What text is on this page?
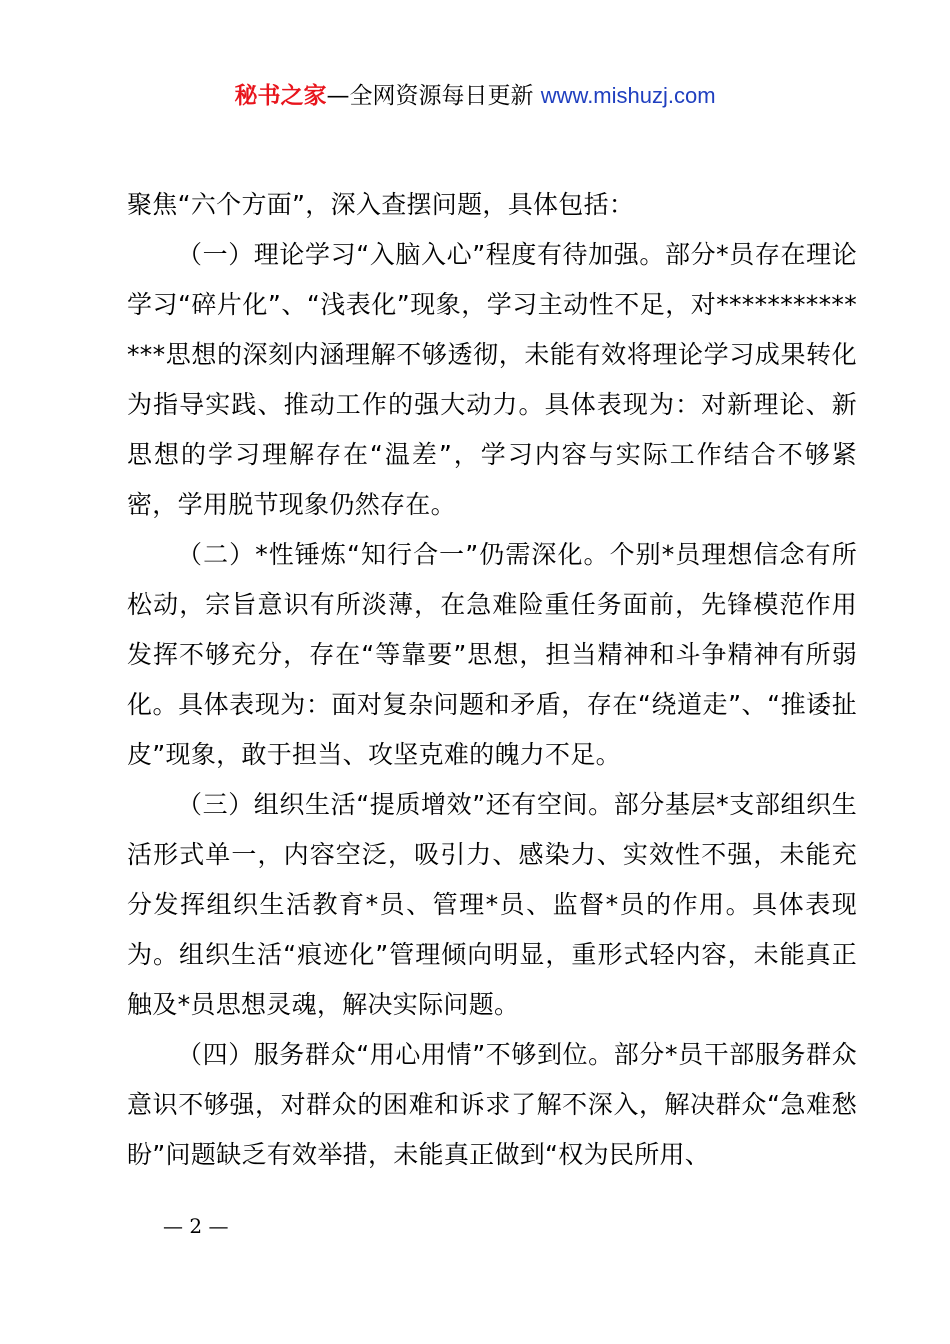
秘书之家—全网资源每日更新 www.mishuzj.com

聚焦“六个方面”，深入查摆问题，具体包括：

（一）理论学习“入脑入心”程度有待加强。部分*员存在理论学习“碎片化”、“浅表化”现象，学习主动性不足，对**************思想的深刻内涵理解不够透彻，未能有效将理论学习成果转化为指导实践、推动工作的强大动力。具体表现为：对新理论、新思想的学习理解存在“温差”，学习内容与实际工作结合不够紧密，学用脱节现象仍然存在。

（二）*性锤炼“知行合一”仍需深化。个别*员理想信念有所松动，宗旨意识有所淡薄，在急难险重任务面前，先锋模范作用发挥不够充分，存在“等靠要”思想，担当精神和斗争精神有所弱化。具体表现为：面对复杂问题和矛盾，存在“绕道走”、“推诿扯皮”现象，敢于担当、攻坚克难的魄力不足。

（三）组织生活“提质增效”还有空间。部分基层*支部组织生活形式单一，内容空泛，吸引力、感染力、实效性不强，未能充分发挥组织生活教育*员、管理*员、监督*员的作用。具体表现为。组织生活“痕迹化”管理倾向明显，重形式轻内容，未能真正触及*员思想灵魂，解决实际问题。

（四）服务群众“用心用情”不够到位。部分*员干部服务群众意识不够强，对群众的困难和诉求了解不深入，解决群众“急难愁盼”问题缺乏有效举措，未能真正做到“权为民所用、

— 2 —
